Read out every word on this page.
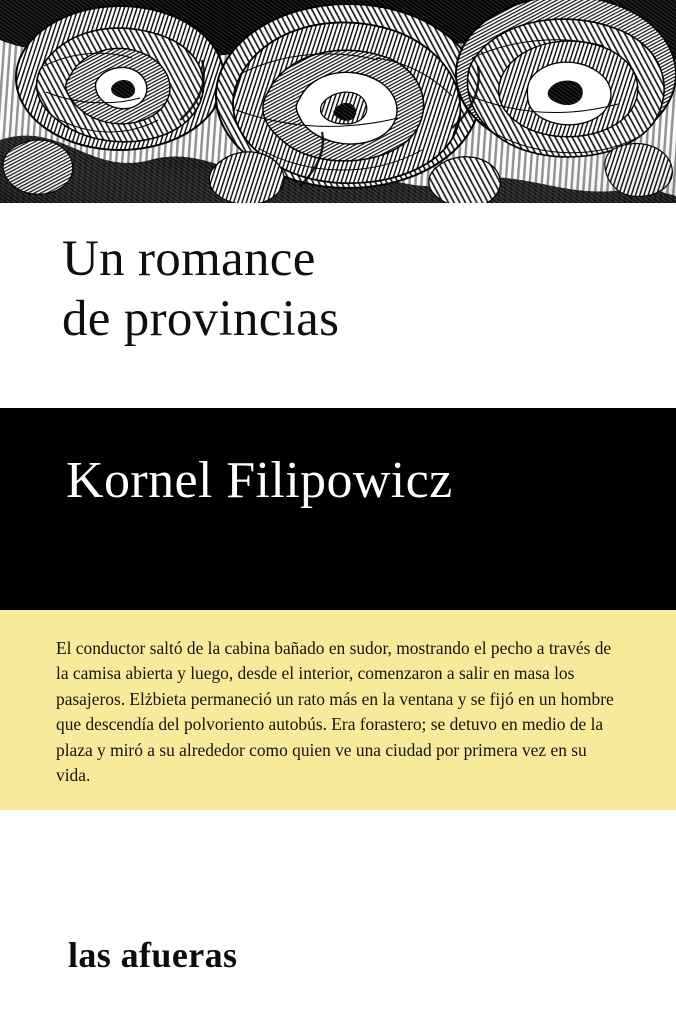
Un romance
de provincias
Kornel Filipowicz

El conductor saltó de la cabina bañado en sudor, mostrando el pecho a través de la camisa abierta y luego, desde el interior, comenzaron a salir en masa los pasajeros. Elżbieta permaneció un rato más en la ventana y se fijó en un hombre que descendía del polvoriento autobús. Era forastero; se detuvo en medio de la plaza y miró a su alrededor como quien ve una ciudad por primera vez en su vida.

las afueras
